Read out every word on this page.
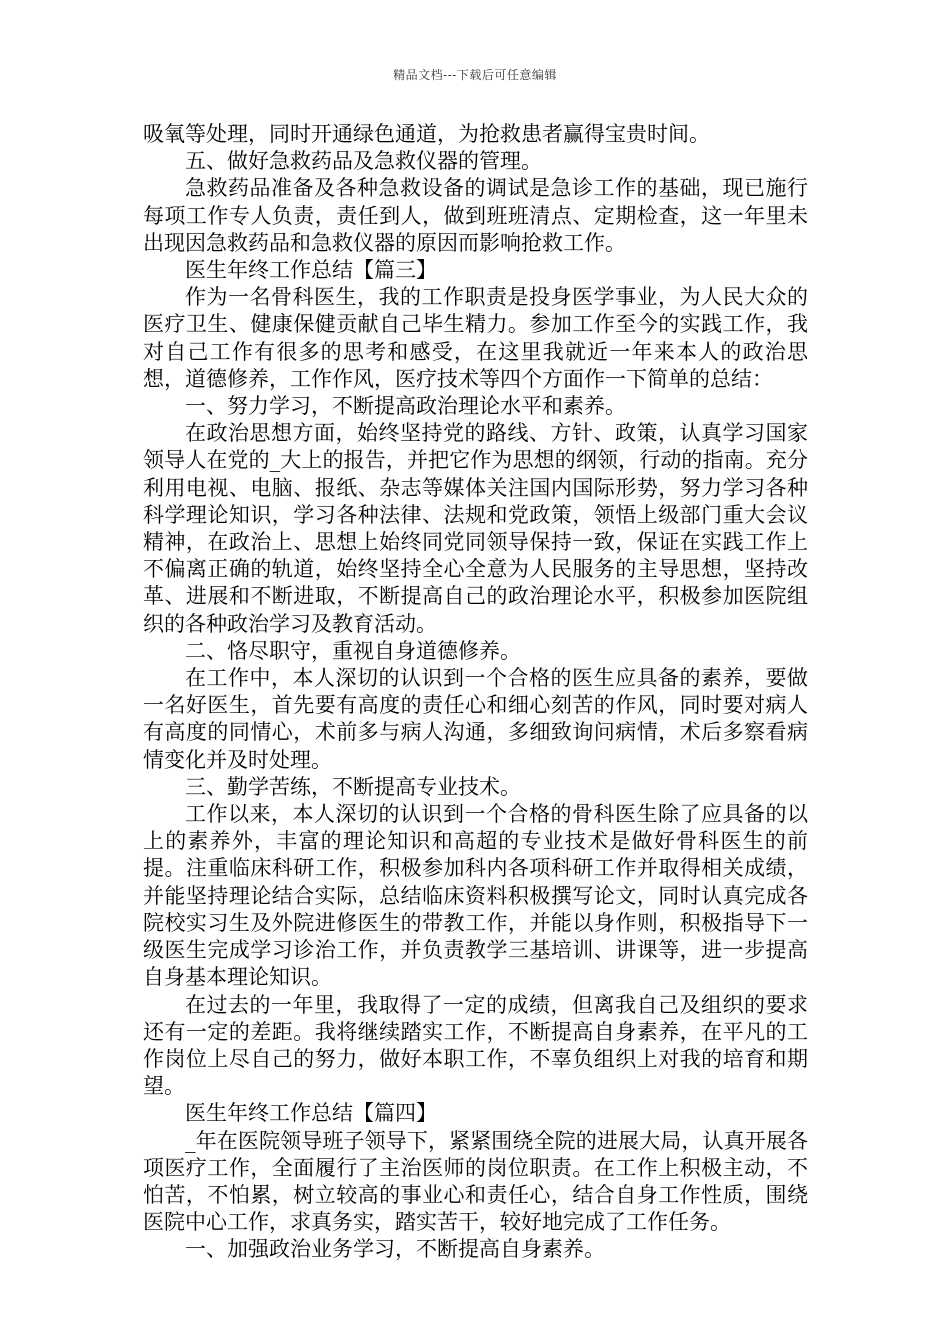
精品文档---下载后可任意编辑

吸氧等处理，同时开通绿色通道，为抢救患者赢得宝贵时间。

五、做好急救药品及急救仪器的管理。

急救药品准备及各种急救设备的调试是急诊工作的基础，现已施行每项工作专人负责，责任到人，做到班班清点、定期检查，这一年里未出现因急救药品和急救仪器的原因而影响抢救工作。

医生年终工作总结【篇三】

作为一名骨科医生，我的工作职责是投身医学事业，为人民大众的医疗卫生、健康保健贡献自己毕生精力。参加工作至今的实践工作，我对自己工作有很多的思考和感受，在这里我就近一年来本人的政治思想，道德修养，工作作风，医疗技术等四个方面作一下简单的总结：

一、努力学习，不断提高政治理论水平和素养。

在政治思想方面，始终坚持党的路线、方针、政策，认真学习国家领导人在党的_大上的报告，并把它作为思想的纲领，行动的指南。充分利用电视、电脑、报纸、杂志等媒体关注国内国际形势，努力学习各种科学理论知识，学习各种法律、法规和党政策，领悟上级部门重大会议精神，在政治上、思想上始终同党同领导保持一致，保证在实践工作上不偏离正确的轨道，始终坚持全心全意为人民服务的主导思想，坚持改革、进展和不断进取，不断提高自己的政治理论水平，积极参加医院组织的各种政治学习及教育活动。

二、恪尽职守，重视自身道德修养。

在工作中，本人深切的认识到一个合格的医生应具备的素养，要做一名好医生，首先要有高度的责任心和细心刻苦的作风，同时要对病人有高度的同情心，术前多与病人沟通，多细致询问病情，术后多察看病情变化并及时处理。

三、勤学苦练，不断提高专业技术。

工作以来，本人深切的认识到一个合格的骨科医生除了应具备的以上的素养外，丰富的理论知识和高超的专业技术是做好骨科医生的前提。注重临床科研工作，积极参加科内各项科研工作并取得相关成绩，并能坚持理论结合实际，总结临床资料积极撰写论文，同时认真完成各院校实习生及外院进修医生的带教工作，并能以身作则，积极指导下一级医生完成学习诊治工作，并负责教学三基培训、讲课等，进一步提高自身基本理论知识。

在过去的一年里，我取得了一定的成绩，但离我自己及组织的要求还有一定的差距。我将继续踏实工作，不断提高自身素养，在平凡的工作岗位上尽自己的努力，做好本职工作，不辜负组织上对我的培育和期望。

医生年终工作总结【篇四】

_年在医院领导班子领导下，紧紧围绕全院的进展大局，认真开展各项医疗工作，全面履行了主治医师的岗位职责。在工作上积极主动，不怕苦，不怕累，树立较高的事业心和责任心，结合自身工作性质，围绕医院中心工作，求真务实，踏实苦干，较好地完成了工作任务。

一、加强政治业务学习，不断提高自身素养。
